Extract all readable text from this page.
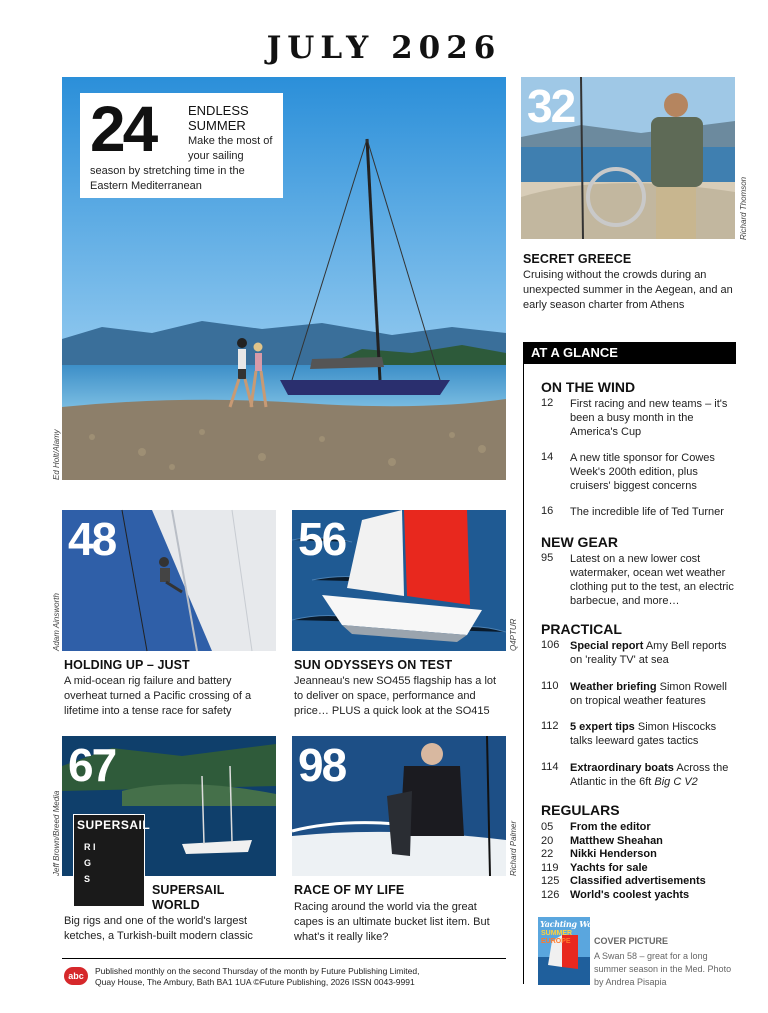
JULY 2026
Ed Holt/Alamy
24	ENDLESS SUMMER
Make the most of your sailing
season by stretching time in the Eastern Mediterranean
32
Richard Thomson
SECRET GREECE
Cruising without the crowds during an unexpected summer in the Aegean, and an early season charter from Athens
48
Adam Ainsworth
HOLDING UP – JUST
A mid-ocean rig failure and battery overheat turned a Pacific crossing of a lifetime into a tense race for safety
56
Q4PTUR
SUN ODYSSEYS ON TEST
Jeanneau's new SO455 flagship has a lot to deliver on space, performance and price… PLUS a quick look at the SO415
67
SUPERSAIL
R I G S
Jeff Brown/Breed Media
SUPERSAIL WORLD
Big rigs and one of the world's largest ketches, a Turkish-built modern classic
98
Richard Palmer
RACE OF MY LIFE
Racing around the world via the great capes is an ultimate bucket list item. But what's it really like?
AT A GLANCE
ON THE WIND
12 First racing and new teams – it's been a busy month in the America's Cup
14 A new title sponsor for Cowes Week's 200th edition, plus cruisers' biggest concerns
16 The incredible life of Ted Turner
NEW GEAR
95 Latest on a new lower cost watermaker, ocean wet weather clothing put to the test, an electric barbecue, and more…
PRACTICAL
106 Special report Amy Bell reports on 'reality TV' at sea
110 Weather briefing Simon Rowell on tropical weather features
112 5 expert tips Simon Hiscocks talks leeward gates tactics
114 Extraordinary boats Across the Atlantic in the 6ft Big C V2
REGULARS
05 From the editor
20 Matthew Sheahan
22 Nikki Henderson
119 Yachts for sale
125 Classified advertisements
126 World's coolest yachts
Yachting World
SUMMER
EUROPE	COVER PICTURE
A Swan 58 – great for a long summer season in the Med. Photo by Andrea Pisapia
abc	Published monthly on the second Thursday of the month by Future Publishing Limited,
Quay House, The Ambury, Bath BA1 1UA ©Future Publishing, 2026 ISSN 0043-9991
